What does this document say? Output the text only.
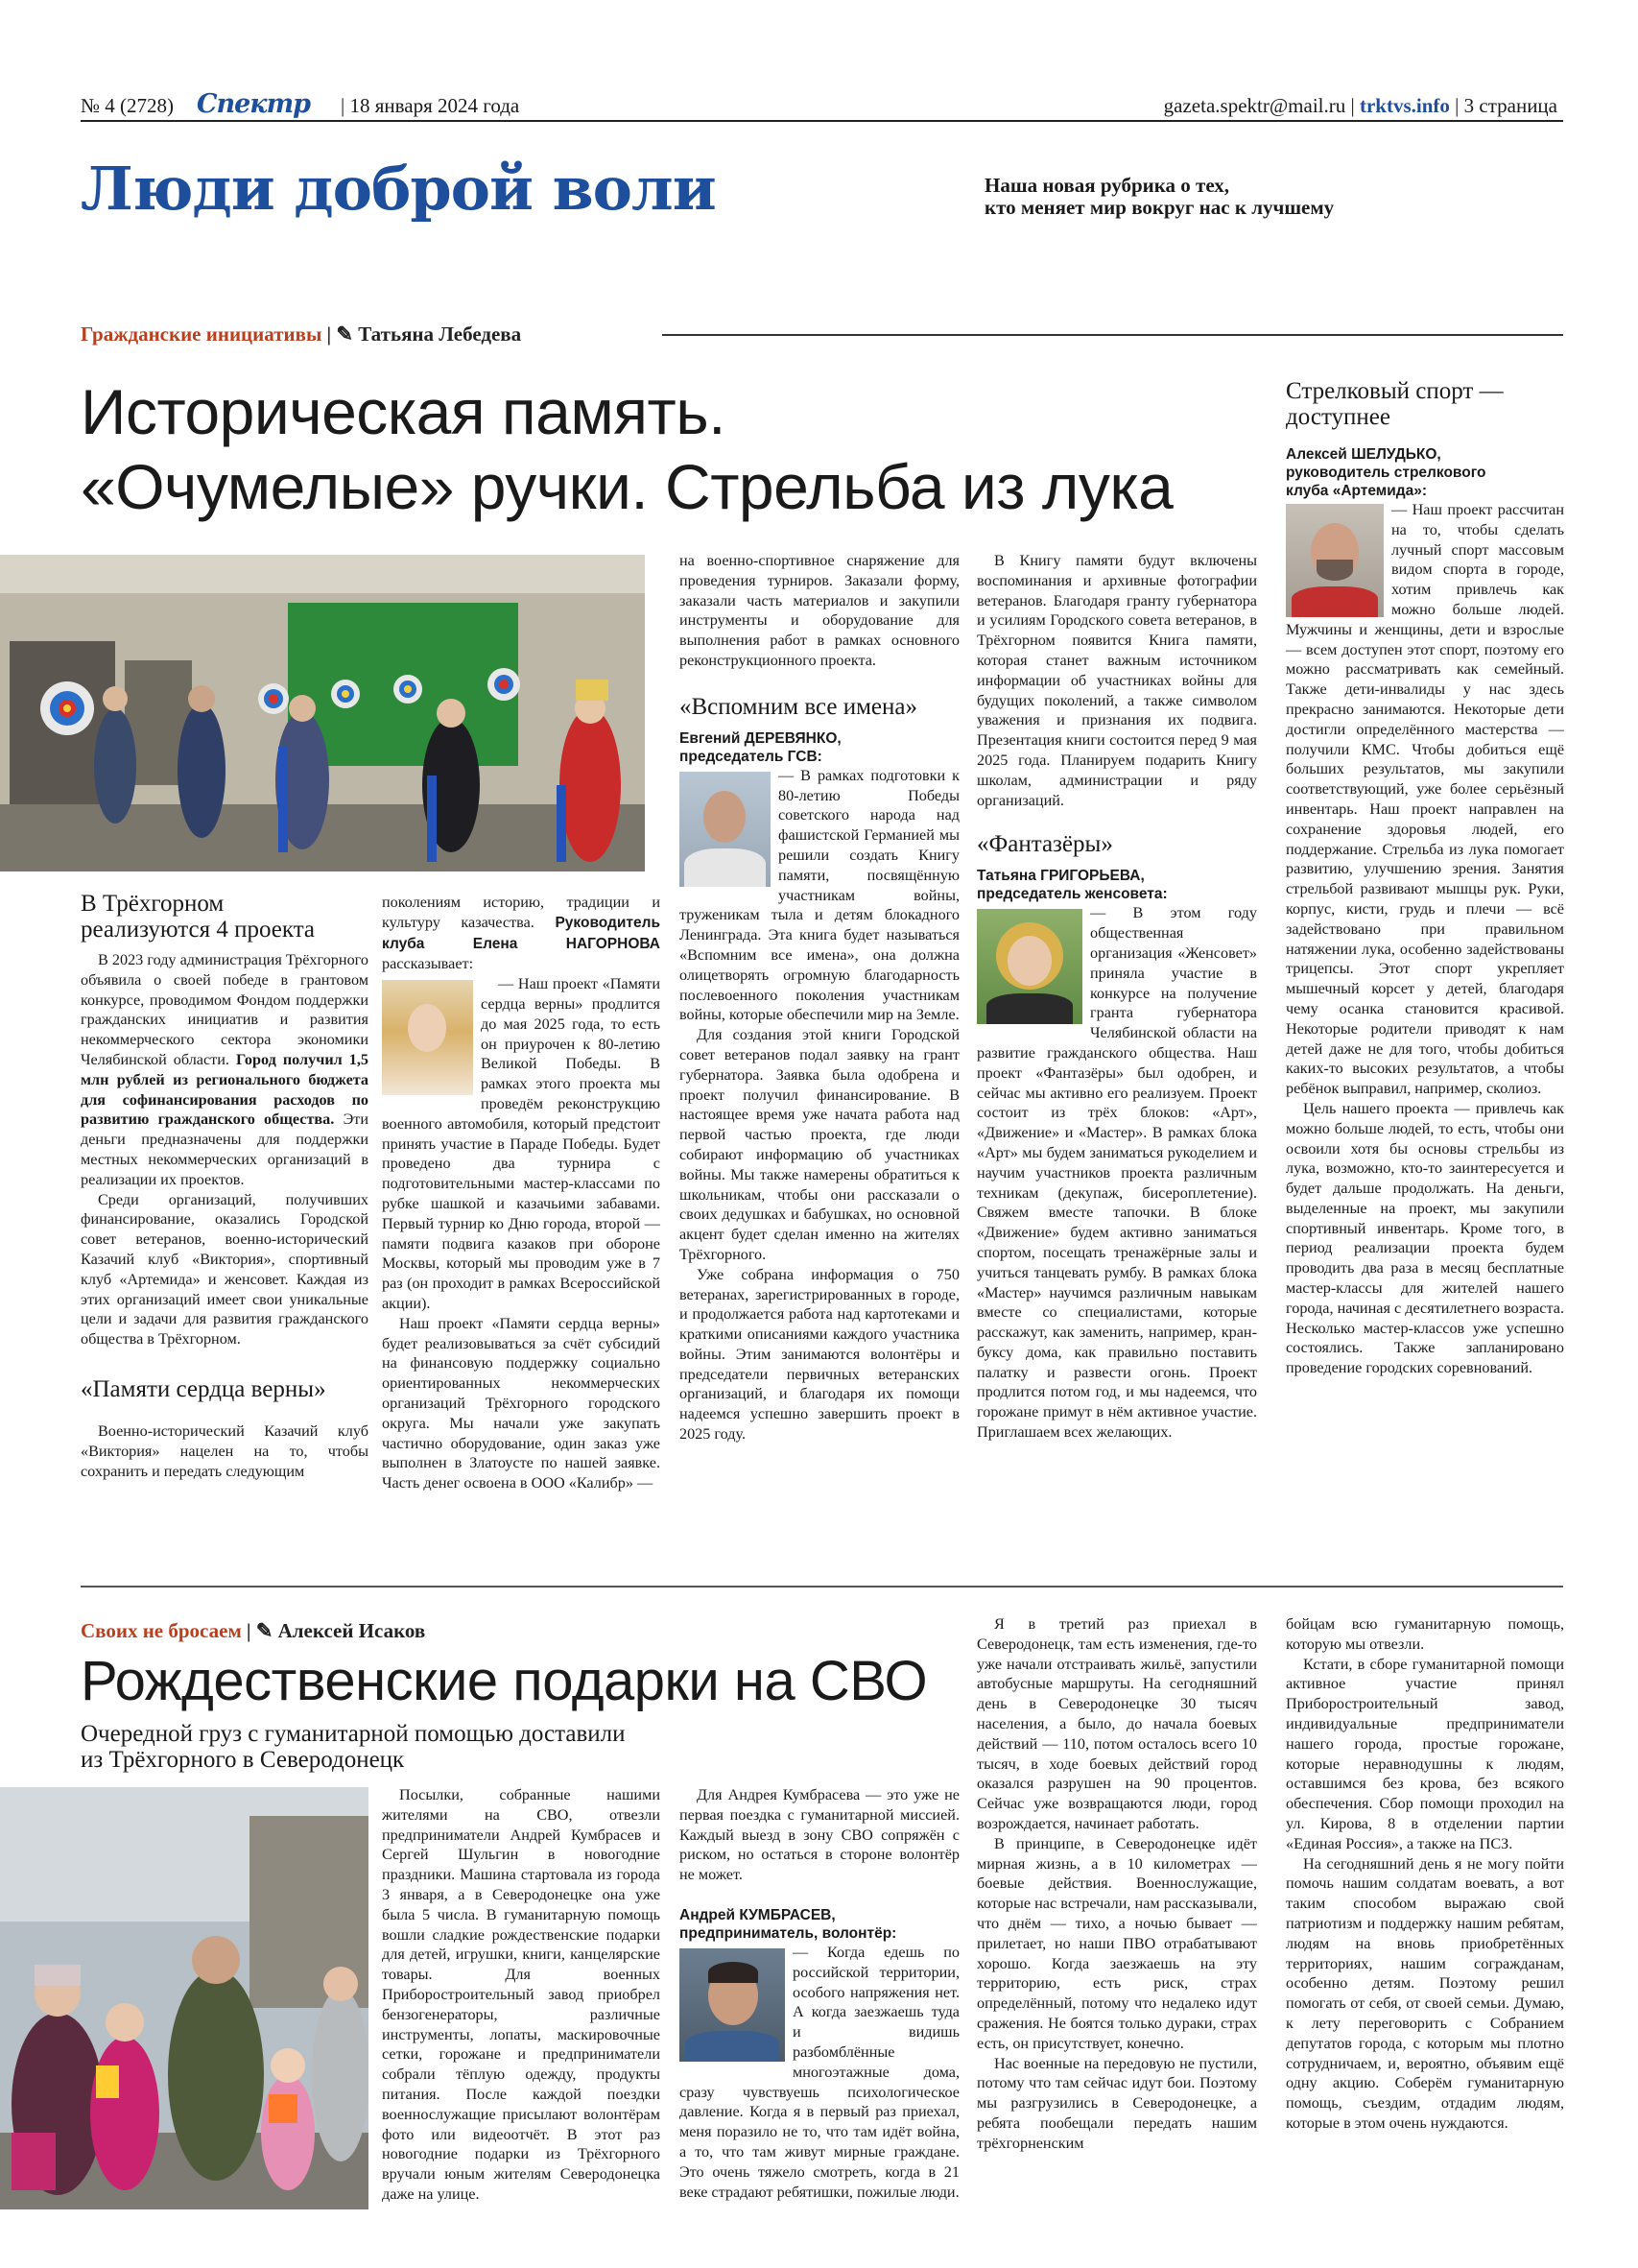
№ 4 (2728) Спектр | 18 января 2024 года	gazeta.spektr@mail.ru | trktvs.info | 3 страница
Люди доброй воли	Наша новая рубрика о тех,
кто меняет мир вокруг нас к лучшему
Гражданские инициативы | ✎ Татьяна Лебедева
Историческая память.
«Очумелые» ручки. Стрельба из лука
В Трёхгорном
реализуются 4 проекта

В 2023 году администрация Трёхгорного объявила о своей победе в грантовом конкурсе, проводимом Фондом поддержки гражданских инициатив и развития некоммерческого сектора экономики Челябинской области. Город получил 1,5 млн рублей из регионального бюджета для софинансирования расходов по развитию гражданского общества. Эти деньги предназначены для поддержки местных некоммерческих организаций в реализации их проектов.

Среди организаций, получивших финансирование, оказались Городской совет ветеранов, военно-исторический Казачий клуб «Виктория», спортивный клуб «Артемида» и женсовет. Каждая из этих организаций имеет свои уникальные цели и задачи для развития гражданского общества в Трёхгорном.

«Памяти сердца верны»

Военно-исторический Казачий клуб «Виктория» нацелен на то, чтобы сохранить и передать следующим

поколениям историю, традиции и культуру казачества. Руководитель клуба Елена НАГОРНОВА рассказывает:

— Наш проект «Памяти сердца верны» продлится до мая 2025 года, то есть он приурочен к 80-летию Великой Победы. В рамках этого проекта мы проведём реконструкцию военного автомобиля, который предстоит принять участие в Параде Победы. Будет проведено два турнира с подготовительными мастер-классами по рубке шашкой и казачьими забавами. Первый турнир ко Дню города, второй — памяти подвига казаков при обороне Москвы, который мы проводим уже в 7 раз (он проходит в рамках Всероссийской акции).

Наш проект «Памяти сердца верны» будет реализовываться за счёт субсидий на финансовую поддержку социально ориентированных некоммерческих организаций Трёхгорного городского округа. Мы начали уже закупать частично оборудование, один заказ уже выполнен в Златоусте по нашей заявке. Часть денег освоена в ООО «Калибр» —

на военно-спортивное снаряжение для проведения турниров. Заказали форму, заказали часть материалов и закупили инструменты и оборудование для выполнения работ в рамках основного реконструкционного проекта.

«Вспомним все имена»
Евгений ДЕРЕВЯНКО,
председатель ГСВ:

— В рамках подготовки к 80-летию Победы советского народа над фашистской Германией мы решили создать Книгу памяти, посвящённую участникам войны, труженикам тыла и детям блокадного Ленинграда. Эта книга будет называться «Вспомним все имена», она должна олицетворять огромную благодарность послевоенного поколения участникам войны, которые обеспечили мир на Земле.

Для создания этой книги Городской совет ветеранов подал заявку на грант губернатора. Заявка была одобрена и проект получил финансирование. В настоящее время уже начата работа над первой частью проекта, где люди собирают информацию об участниках войны. Мы также намерены обратиться к школьникам, чтобы они рассказали о своих дедушках и бабушках, но основной акцент будет сделан именно на жителях Трёхгорного.

Уже собрана информация о 750 ветеранах, зарегистрированных в городе, и продолжается работа над картотеками и краткими описаниями каждого участника войны. Этим занимаются волонтёры и председатели первичных ветеранских организаций, и благодаря их помощи надеемся успешно завершить проект в 2025 году.

В Книгу памяти будут включены воспоминания и архивные фотографии ветеранов. Благодаря гранту губернатора и усилиям Городского совета ветеранов, в Трёхгорном появится Книга памяти, которая станет важным источником информации об участниках войны для будущих поколений, а также символом уважения и признания их подвига. Презентация книги состоится перед 9 мая 2025 года. Планируем подарить Книгу школам, администрации и ряду организаций.

«Фантазёры»
Татьяна ГРИГОРЬЕВА,
председатель женсовета:

— В этом году общественная организация «Женсовет» приняла участие в конкурсе на получение гранта губернатора Челябинской области на развитие гражданского общества. Наш проект «Фантазёры» был одобрен, и сейчас мы активно его реализуем. Проект состоит из трёх блоков: «Арт», «Движение» и «Мастер». В рамках блока «Арт» мы будем заниматься рукоделием и научим участников проекта различным техникам (декупаж, бисероплетение). Свяжем вместе тапочки. В блоке «Движение» будем активно заниматься спортом, посещать тренажёрные залы и учиться танцевать румбу. В рамках блока «Мастер» научимся различным навыкам вместе со специалистами, которые расскажут, как заменить, например, кран-буксу дома, как правильно поставить палатку и развести огонь. Проект продлится потом год, и мы надеемся, что горожане примут в нём активное участие. Приглашаем всех желающих.

Стрелковый спорт —
доступнее
Алексей ШЕЛУДЬКО,
руководитель стрелкового
клуба «Артемида»:

— Наш проект рассчитан на то, чтобы сделать лучный спорт массовым видом спорта в городе, хотим привлечь как можно больше людей. Мужчины и женщины, дети и взрослые — всем доступен этот спорт, поэтому его можно рассматривать как семейный. Также дети-инвалиды у нас здесь прекрасно занимаются. Некоторые дети достигли определённого мастерства — получили КМС. Чтобы добиться ещё больших результатов, мы закупили соответствующий, уже более серьёзный инвентарь. Наш проект направлен на сохранение здоровья людей, его поддержание. Стрельба из лука помогает развитию, улучшению зрения. Занятия стрельбой развивают мышцы рук. Руки, корпус, кисти, грудь и плечи — всё задействовано при правильном натяжении лука, особенно задействованы трицепсы. Этот спорт укрепляет мышечный корсет у детей, благодаря чему осанка становится красивой. Некоторые родители приводят к нам детей даже не для того, чтобы добиться каких-то высоких результатов, а чтобы ребёнок выправил, например, сколиоз.

Цель нашего проекта — привлечь как можно больше людей, то есть, чтобы они освоили хотя бы основы стрельбы из лука, возможно, кто-то заинтересуется и будет дальше продолжать. На деньги, выделенные на проект, мы закупили спортивный инвентарь. Кроме того, в период реализации проекта будем проводить два раза в месяц бесплатные мастер-классы для жителей нашего города, начиная с десятилетнего возраста. Несколько мастер-классов уже успешно состоялись. Также запланировано проведение городских соревнований.

Своих не бросаем | ✎ Алексей Исаков
Рождественские подарки на СВО
Очередной груз с гуманитарной помощью доставили
из Трёхгорного в Северодонецк

Посылки, собранные нашими жителями на СВО, отвезли предприниматели Андрей Кумбрасев и Сергей Шульгин в новогодние праздники. Машина стартовала из города 3 января, а в Северодонецке она уже была 5 числа. В гуманитарную помощь вошли сладкие рождественские подарки для детей, игрушки, книги, канцелярские товары. Для военных Приборостроительный завод приобрел бензогенераторы, различные инструменты, лопаты, маскировочные сетки, горожане и предприниматели собрали тёплую одежду, продукты питания. После каждой поездки военнослужащие присылают волонтёрам фото или видеоотчёт. В этот раз новогодние подарки из Трёхгорного вручали юным жителям Северодонецка даже на улице.

Для Андрея Кумбрасева — это уже не первая поездка с гуманитарной миссией. Каждый выезд в зону СВО сопряжён с риском, но остаться в стороне волонтёр не может.

Андрей КУМБРАСЕВ,
предприниматель, волонтёр:

— Когда едешь по российской территории, особого напряжения нет. А когда заезжаешь туда и видишь разбомблённые многоэтажные дома, сразу чувствуешь психологическое давление. Когда я в первый раз приехал, меня поразило не то, что там идёт война, а то, что там живут мирные граждане. Это очень тяжело смотреть, когда в 21 веке страдают ребятишки, пожилые люди.

Я в третий раз приехал в Северодонецк, там есть изменения, где-то уже начали отстраивать жильё, запустили автобусные маршруты. На сегодняшний день в Северодонецке 30 тысяч населения, а было, до начала боевых действий — 110, потом осталось всего 10 тысяч, в ходе боевых действий город оказался разрушен на 90 процентов. Сейчас уже возвращаются люди, город возрождается, начинает работать.

В принципе, в Северодонецке идёт мирная жизнь, а в 10 километрах — боевые действия. Военнослужащие, которые нас встречали, нам рассказывали, что днём — тихо, а ночью бывает — прилетает, но наши ПВО отрабатывают хорошо. Когда заезжаешь на эту территорию, есть риск, страх определённый, потому что недалеко идут сражения. Не боятся только дураки, страх есть, он присутствует, конечно.

Нас военные на передовую не пустили, потому что там сейчас идут бои. Поэтому мы разгрузились в Северодонецке, а ребята пообещали передать нашим трёхгорненским

бойцам всю гуманитарную помощь, которую мы отвезли.

Кстати, в сборе гуманитарной помощи активное участие принял Приборостроительный завод, индивидуальные предприниматели нашего города, простые горожане, которые неравнодушны к людям, оставшимся без крова, без всякого обеспечения. Сбор помощи проходил на ул. Кирова, 8 в отделении партии «Единая Россия», а также на ПСЗ.

На сегодняшний день я не могу пойти помочь нашим солдатам воевать, а вот таким способом выражаю свой патриотизм и поддержку нашим ребятам, людям на вновь приобретённых территориях, нашим согражданам, особенно детям. Поэтому решил помогать от себя, от своей семьи. Думаю, к лету переговорить с Собранием депутатов города, с которым мы плотно сотрудничаем, и, вероятно, объявим ещё одну акцию. Соберём гуманитарную помощь, съездим, отдадим людям, которые в этом очень нуждаются.
